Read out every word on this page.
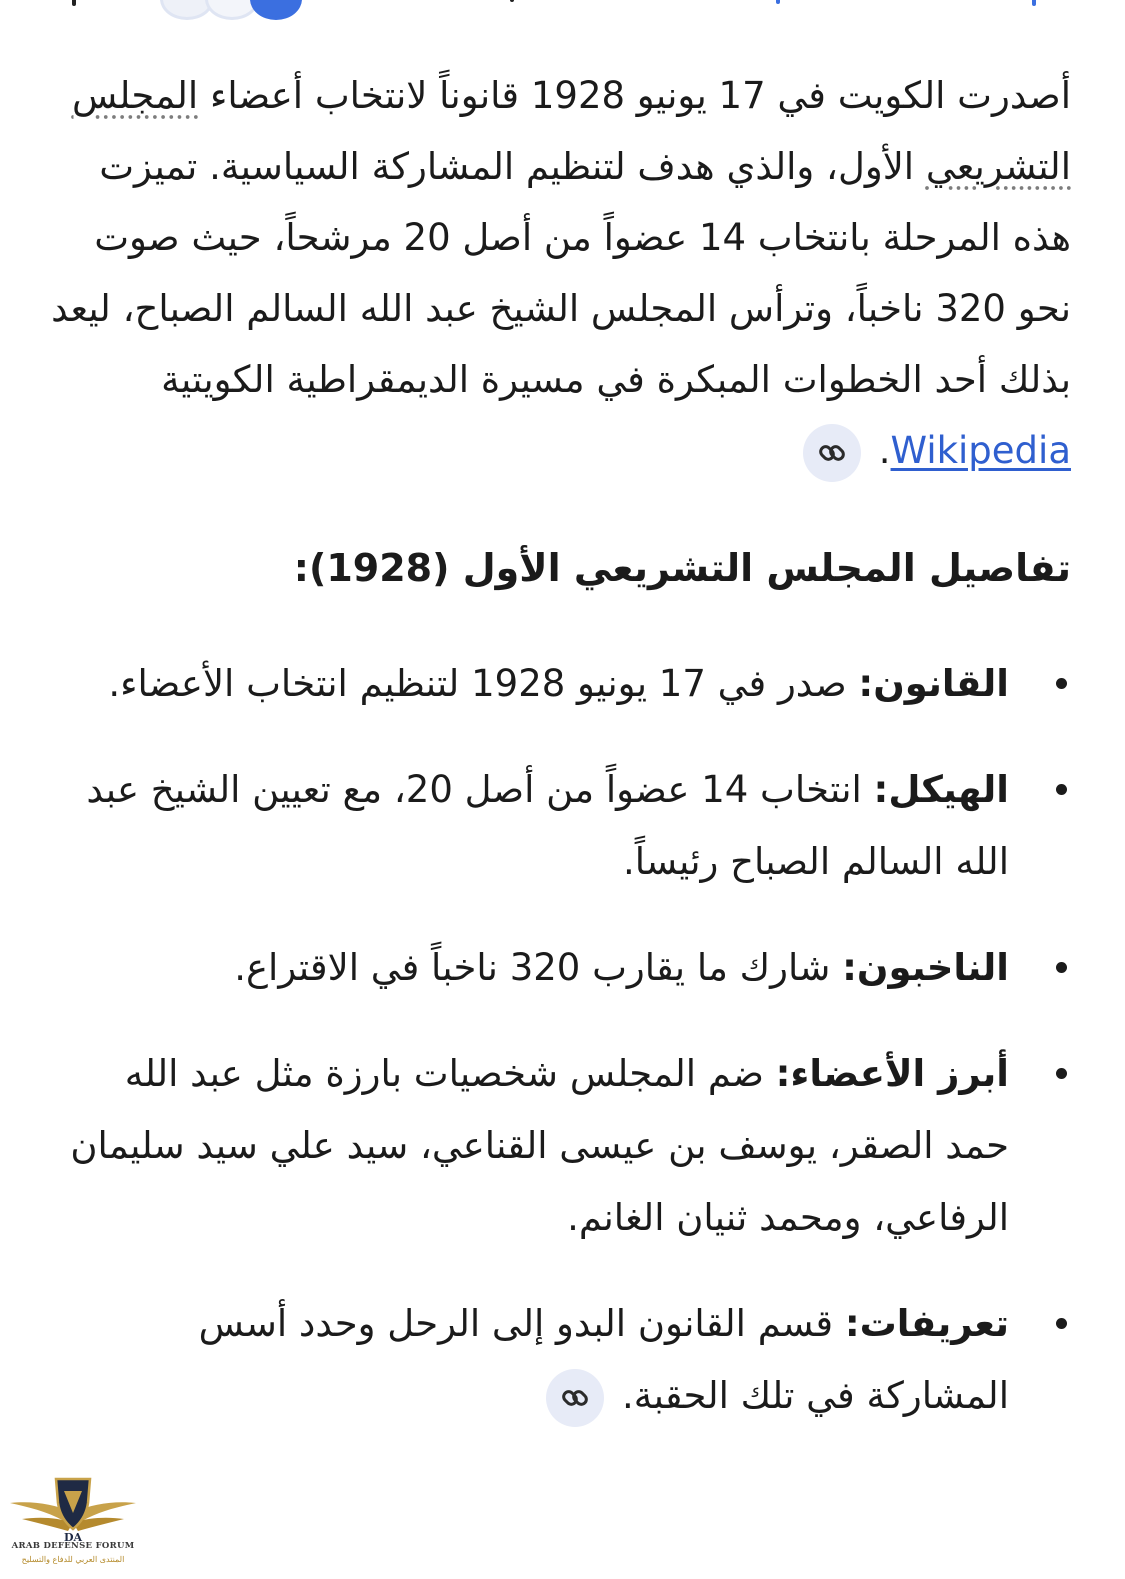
أصدرت الكويت في 17 يونيو 1928 قانوناً لانتخاب أعضاء المجلس التشريعي الأول، والذي هدف لتنظيم المشاركة السياسية. تميزت هذه المرحلة بانتخاب 14 عضواً من أصل 20 مرشحاً، حيث صوت نحو 320 ناخباً، وترأس المجلس الشيخ عبد الله السالم الصباح، ليعد بذلك أحد الخطوات المبكرة في مسيرة الديمقراطية الكويتية Wikipedia.

تفاصيل المجلس التشريعي الأول (1928):
القانون: صدر في 17 يونيو 1928 لتنظيم انتخاب الأعضاء.
الهيكل: انتخاب 14 عضواً من أصل 20، مع تعيين الشيخ عبد الله السالم الصباح رئيساً.
الناخبون: شارك ما يقارب 320 ناخباً في الاقتراع.
أبرز الأعضاء: ضم المجلس شخصيات بارزة مثل عبد الله حمد الصقر، يوسف بن عيسى القناعي، سيد علي سيد سليمان الرفاعي، ومحمد ثنيان الغانم.
تعريفات: قسم القانون البدو إلى الرحل وحدد أسس المشاركة في تلك الحقبة.
DA
ARAB DEFENSE FORUM
المنتدى العربي للدفاع والتسليح
